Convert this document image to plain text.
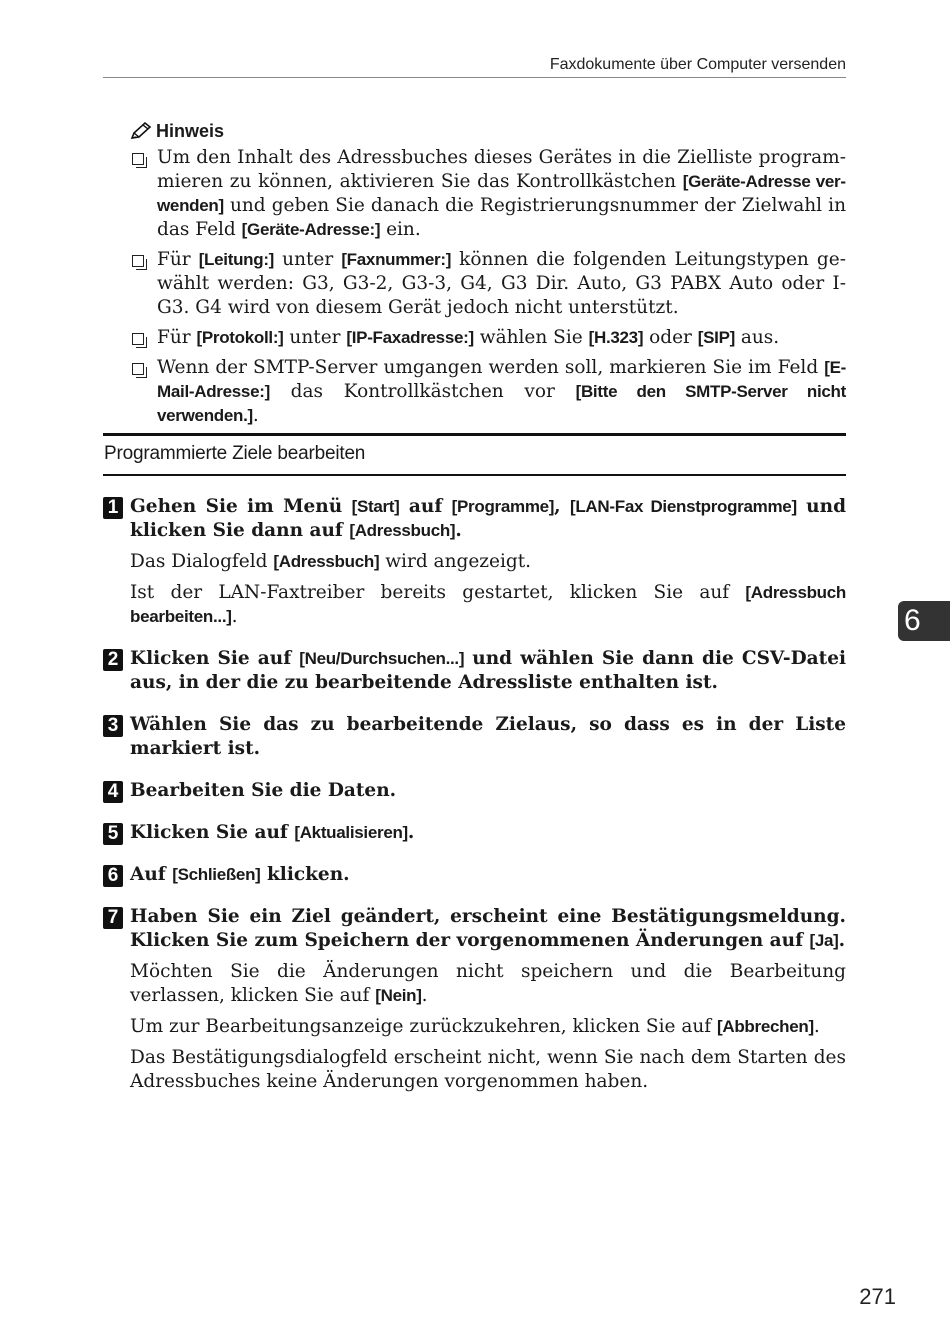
Faxdokumente über Computer versenden
Hinweis
Um den Inhalt des Adressbuches dieses Gerätes in die Zielliste programmieren zu können, aktivieren Sie das Kontrollkästchen [Geräte-Adresse verwenden] und geben Sie danach die Registrierungsnummer der Zielwahl in das Feld [Geräte-Adresse:] ein.
Für [Leitung:] unter [Faxnummer:] können die folgenden Leitungstypen gewählt werden: G3, G3-2, G3-3, G4, G3 Dir. Auto, G3 PABX Auto oder I-G3. G4 wird von diesem Gerät jedoch nicht unterstützt.
Für [Protokoll:] unter [IP-Faxadresse:] wählen Sie [H.323] oder [SIP] aus.
Wenn der SMTP-Server umgangen werden soll, markieren Sie im Feld [E-Mail-Adresse:] das Kontrollkästchen vor [Bitte den SMTP-Server nicht verwenden.].
Programmierte Ziele bearbeiten
1 Gehen Sie im Menü [Start] auf [Programme], [LAN-Fax Dienstprogramme] und klicken Sie dann auf [Adressbuch].
Das Dialogfeld [Adressbuch] wird angezeigt.
Ist der LAN-Faxtreiber bereits gestartet, klicken Sie auf [Adressbuch bearbeiten...].
2 Klicken Sie auf [Neu/Durchsuchen...] und wählen Sie dann die CSV-Datei aus, in der die zu bearbeitende Adressliste enthalten ist.
3 Wählen Sie das zu bearbeitende Zielaus, so dass es in der Liste markiert ist.
4 Bearbeiten Sie die Daten.
5 Klicken Sie auf [Aktualisieren].
6 Auf [Schließen] klicken.
7 Haben Sie ein Ziel geändert, erscheint eine Bestätigungsmeldung. Klicken Sie zum Speichern der vorgenommenen Änderungen auf [Ja].
Möchten Sie die Änderungen nicht speichern und die Bearbeitung verlassen, klicken Sie auf [Nein].
Um zur Bearbeitungsanzeige zurückzukehren, klicken Sie auf [Abbrechen].
Das Bestätigungsdialogfeld erscheint nicht, wenn Sie nach dem Starten des Adressbuches keine Änderungen vorgenommen haben.
6
271
